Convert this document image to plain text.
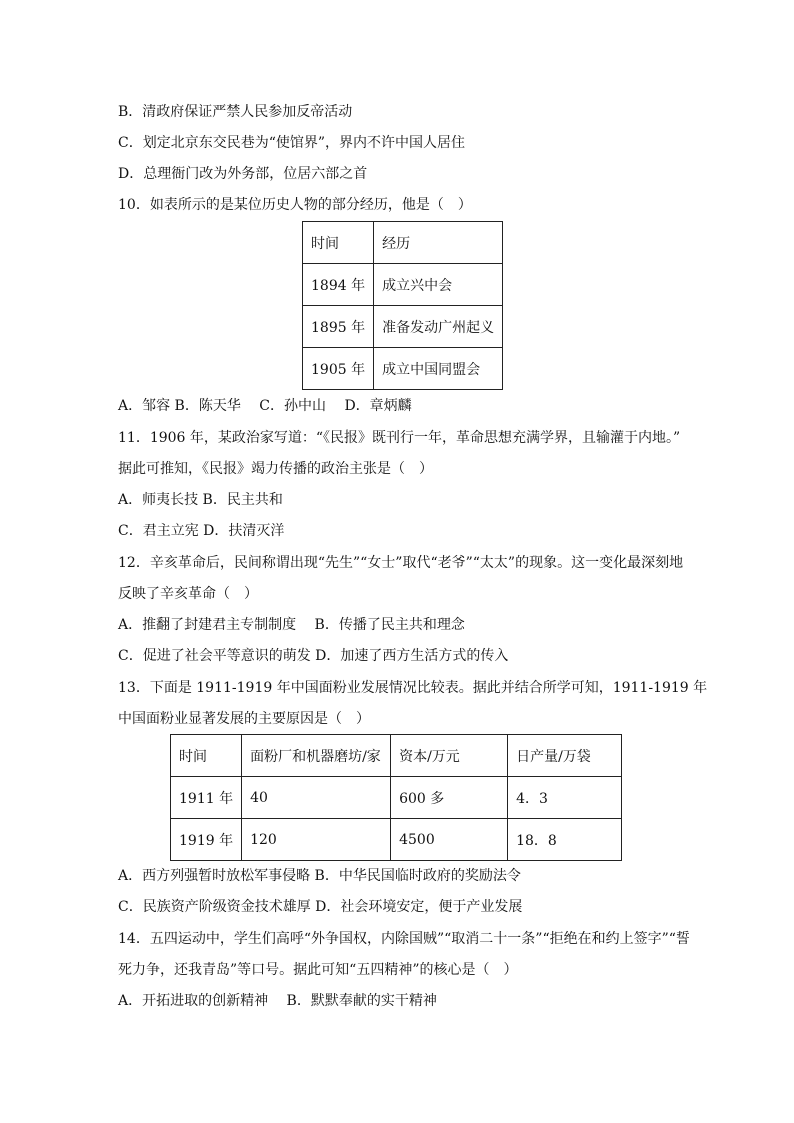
B．清政府保证严禁人民参加反帝活动
C．划定北京东交民巷为“使馆界”，界内不许中国人居住
D．总理衙门改为外务部，位居六部之首
10．如表所示的是某位历史人物的部分经历，他是（　）
时间	经历
1894 年	成立兴中会
1895 年	准备发动广州起义
1905 年	成立中国同盟会
A．邹容 B．陈天华　 C．孙中山　 D．章炳麟
11．1906 年，某政治家写道：“《民报》既刊行一年，革命思想充满学界，且输灌于内地。”
据此可推知，《民报》竭力传播的政治主张是（　）
A．师夷长技 B．民主共和
C．君主立宪 D．扶清灭洋
12．辛亥革命后，民间称谓出现“先生”“女士”取代“老爷”“太太”的现象。这一变化最深刻地
反映了辛亥革命（　）
A．推翻了封建君主专制制度　 B．传播了民主共和理念
C．促进了社会平等意识的萌发 D．加速了西方生活方式的传入
13．下面是 1911-1919 年中国面粉业发展情况比较表。据此并结合所学可知，1911-1919 年
中国面粉业显著发展的主要原因是（　）
时间	面粉厂和机器磨坊/家	资本/万元	日产量/万袋
1911 年	40	600 多	4．3
1919 年	120	4500	18．8
A．西方列强暂时放松军事侵略 B．中华民国临时政府的奖励法令
C．民族资产阶级资金技术雄厚 D．社会环境安定，便于产业发展
14．五四运动中，学生们高呼“外争国权，内除国贼”“取消二十一条”“拒绝在和约上签字”“誓
死力争，还我青岛”等口号。据此可知“五四精神”的核心是（　）
A．开拓进取的创新精神　 B．默默奉献的实干精神
